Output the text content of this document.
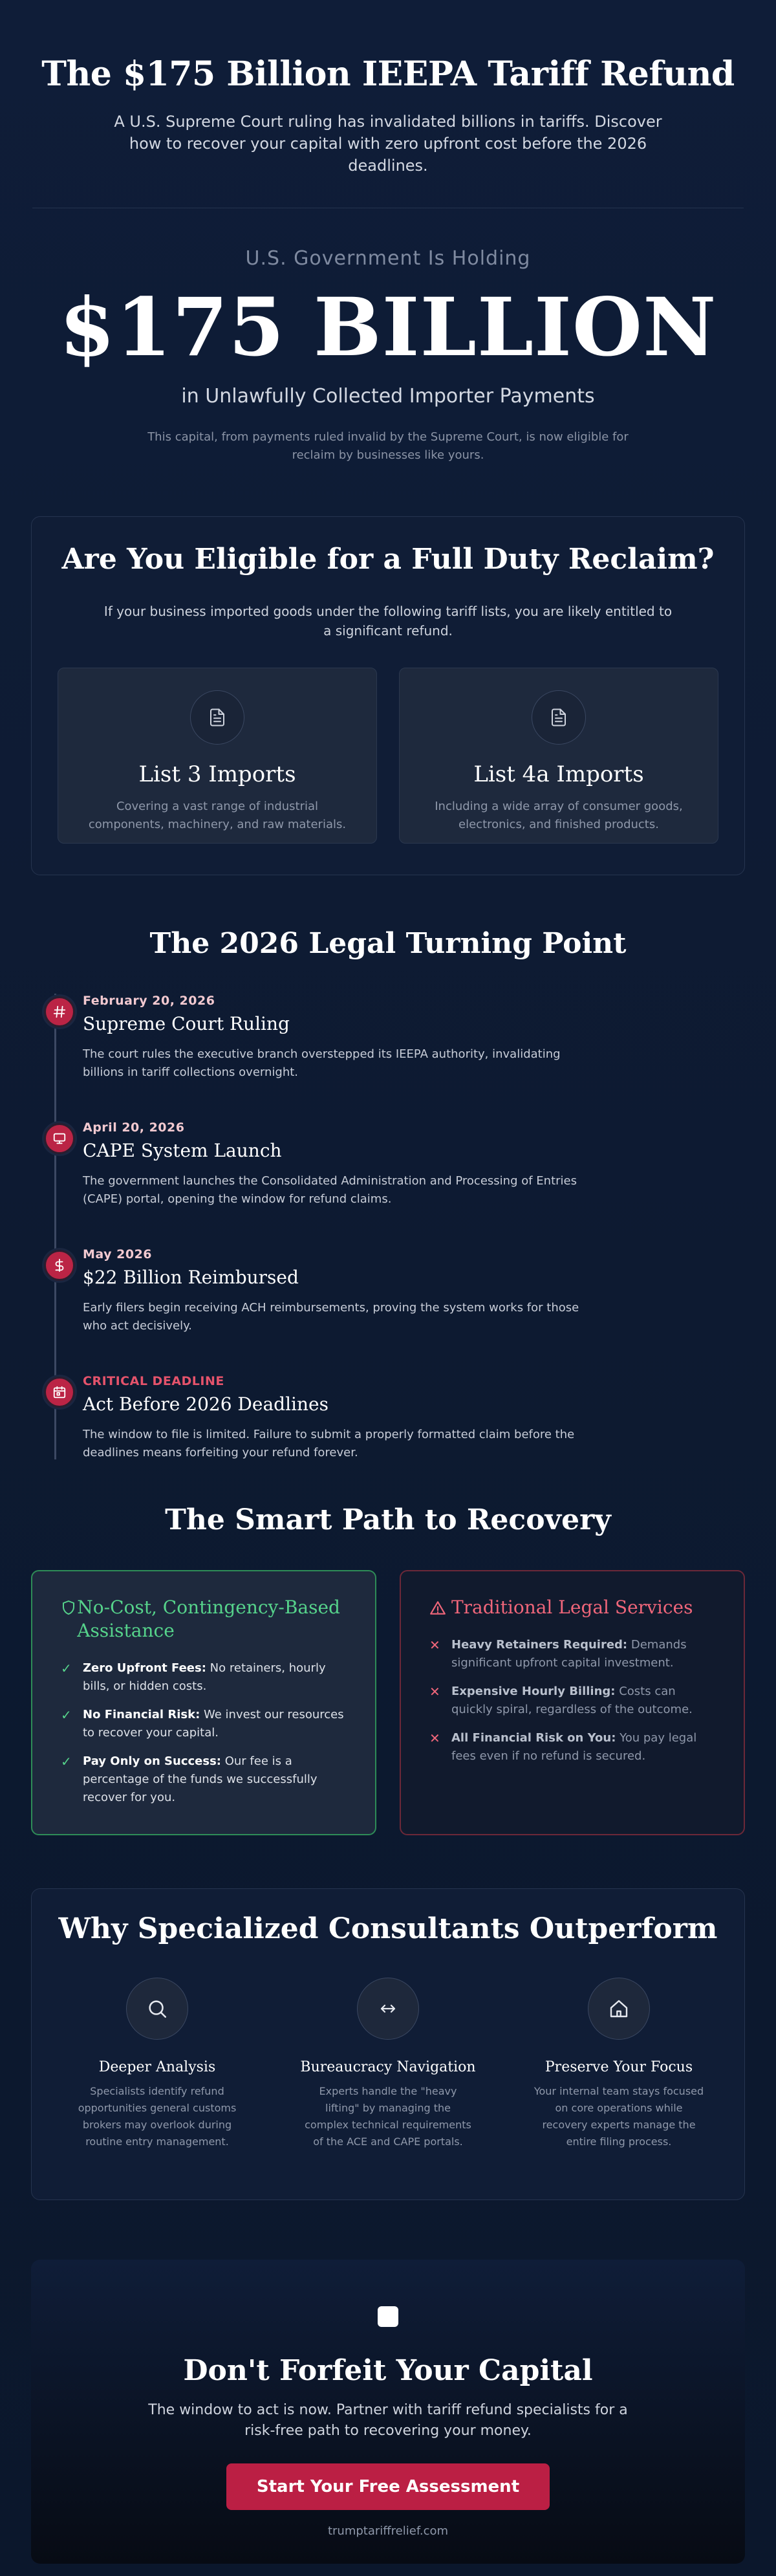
The $175 Billion IEEPA Tariff Refund

A U.S. Supreme Court ruling has invalidated billions in tariffs. Discover how to recover your capital with zero upfront cost before the 2026 deadlines.

U.S. Government Is Holding
$175 BILLION
in Unlawfully Collected Importer Payments
This capital, from payments ruled invalid by the Supreme Court, is now eligible for reclaim by businesses like yours.
Are You Eligible for a Full Duty Reclaim?
If your business imported goods under the following tariff lists, you are likely entitled to a significant refund.
List 3 Imports

Covering a vast range of industrial components, machinery, and raw materials.

List 4a Imports

Including a wide array of consumer goods, electronics, and finished products.

The 2026 Legal Turning Point
February 20, 2026
Supreme Court Ruling
The court rules the executive branch overstepped its IEEPA authority, invalidating billions in tariff collections overnight.
April 20, 2026
CAPE System Launch
The government launches the Consolidated Administration and Processing of Entries (CAPE) portal, opening the window for refund claims.
May 2026
$22 Billion Reimbursed
Early filers begin receiving ACH reimbursements, proving the system works for those who act decisively.
CRITICAL DEADLINE
Act Before 2026 Deadlines
The window to file is limited. Failure to submit a properly formatted claim before the deadlines means forfeiting your refund forever.
The Smart Path to Recovery
No-Cost, Contingency-Based Assistance
✓ Zero Upfront Fees: No retainers, hourly bills, or hidden costs.
✓ No Financial Risk: We invest our resources to recover your capital.
✓ Pay Only on Success: Our fee is a percentage of the funds we successfully recover for you.
Traditional Legal Services
✕ Heavy Retainers Required: Demands significant upfront capital investment.
✕ Expensive Hourly Billing: Costs can quickly spiral, regardless of the outcome.
✕ All Financial Risk on You: You pay legal fees even if no refund is secured.
Why Specialized Consultants Outperform
Deeper Analysis

Specialists identify refund opportunities general customs brokers may overlook during routine entry management.

Bureaucracy Navigation

Experts handle the "heavy lifting" by managing the complex technical requirements of the ACE and CAPE portals.

Preserve Your Focus

Your internal team stays focused on core operations while recovery experts manage the entire filing process.

Don't Forfeit Your Capital

The window to act is now. Partner with tariff refund specialists for a risk-free path to recovering your money.

Start Your Free Assessment
trumptariffrelief.com
